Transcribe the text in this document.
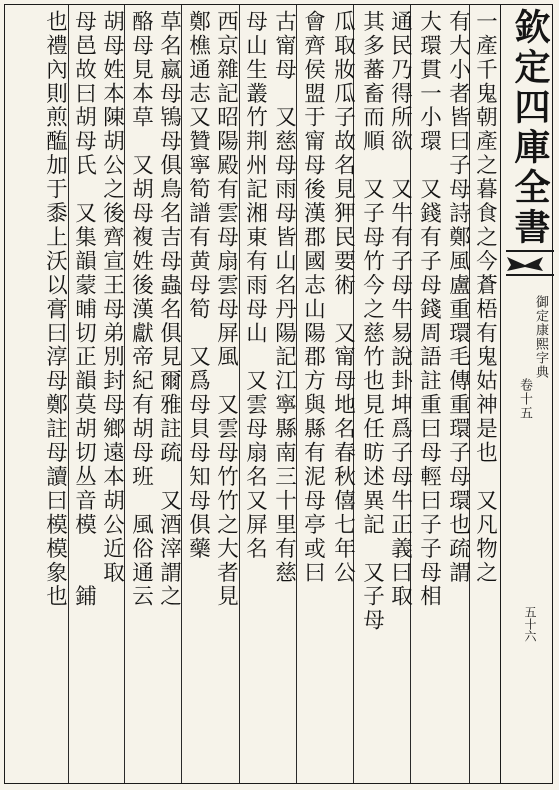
欽定四庫全書
御定康熙字典
卷十五
五十六
一產千鬼朝產之暮食之今蒼梧有鬼姑神是也　又凡物之
有大小者皆曰子母詩鄭風盧重環毛傳重環子母環也疏謂
大環貫一小環　又錢有子母錢周語註重曰母輕曰子子母相
通民乃得所欲　又牛有子母牛易說卦坤爲子母牛正義曰取
其多蕃畜而順　又子母竹今之慈竹也見任昉述異記　又子母
瓜取妝瓜子故名見狎民要術　又甯母地名春秋僖七年公
會齊侯盟于甯母後漢郡國志山陽郡方與縣有泥母亭或曰
古甯母　又慈母雨母皆山名丹陽記江寧縣南三十里有慈
母山生叢竹荆州記湘東有雨母山　又雲母扇名又屏名
西京雜記昭陽殿有雲母扇雲母屏風　又雲母竹竹之大者見
鄭樵通志又贊寧筍譜有黄母筍　又爲母貝母知母俱藥
草名嬴母鴇母俱鳥名吉母蟲名俱見爾雅註疏　又酒滓謂之
酪母見本草　又胡母複姓後漢獻帝紀有胡母班　風俗通云
胡母姓本陳胡公之後齊宣王母弟別封母鄉遠本胡公近取
母邑故曰胡母氏　又集韻蒙晡切正韻莫胡切丛音模　　鋪
也禮內則煎醢加于黍上沃以膏曰淳母鄭註母讀曰模模象也
